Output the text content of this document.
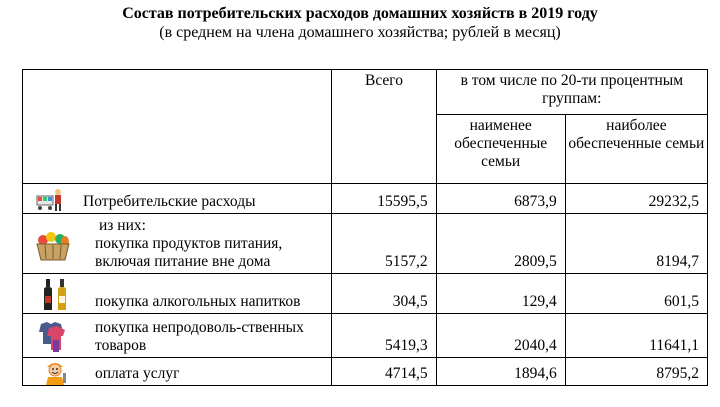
Состав потребительских расходов домашних хозяйств в 2019 году
(в среднем на члена домашнего хозяйства; рублей в месяц)
	Всего	в том числе по 20-ти процентным группам:	
		наименее обеспеченные семьи	наиболее обеспеченные семьи

Потребительские расходы	15595,5	6873,9	29232,5

из них:
покупка продуктов питания, включая питание вне дома	5157,2	2809,5	8194,7

покупка алкогольных напитков	304,5	129,4	601,5

покупка непродоволь-ственных товаров	5419,3	2040,4	11641,1

оплата услуг	4714,5	1894,6	8795,2
